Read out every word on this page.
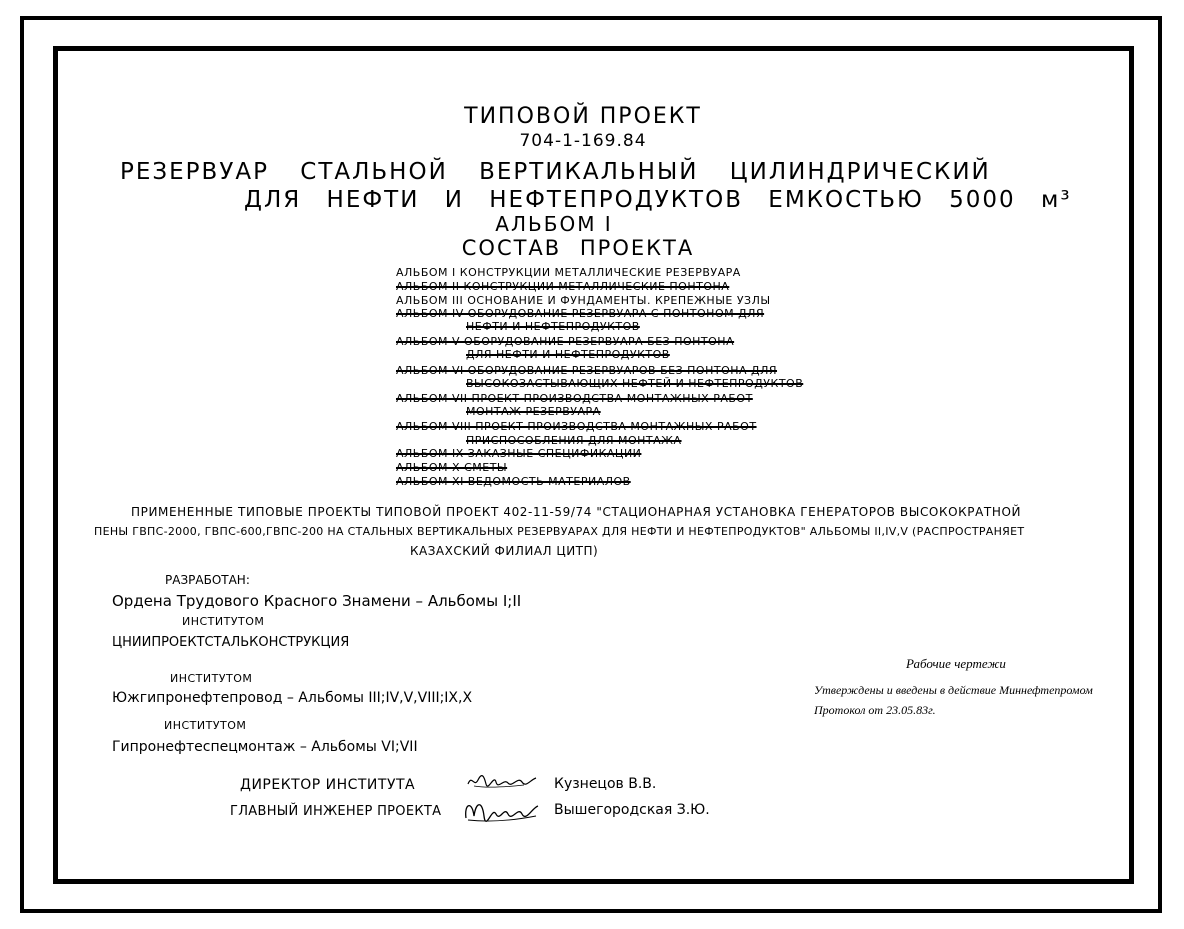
ТИПОВОЙ ПРОЕКТ
704-1-169.84
РЕЗЕРВУАР СТАЛЬНОЙ ВЕРТИКАЛЬНЫЙ ЦИЛИНДРИЧЕСКИЙ
ДЛЯ НЕФТИ И НЕФТЕПРОДУКТОВ ЕМКОСТЬЮ 5000 м³
АЛЬБОМ I
СОСТАВ ПРОЕКТА
АЛЬБОМ I КОНСТРУКЦИИ МЕТАЛЛИЧЕСКИЕ РЕЗЕРВУАРА
АЛЬБОМ II КОНСТРУКЦИИ МЕТАЛЛИЧЕСКИЕ ПОНТОНА
АЛЬБОМ III ОСНОВАНИЕ И ФУНДАМЕНТЫ. КРЕПЕЖНЫЕ УЗЛЫ
АЛЬБОМ IV ОБОРУДОВАНИЕ РЕЗЕРВУАРА С ПОНТОНОМ ДЛЯ
НЕФТИ И НЕФТЕПРОДУКТОВ
АЛЬБОМ V ОБОРУДОВАНИЕ РЕЗЕРВУАРА БЕЗ ПОНТОНА
ДЛЯ НЕФТИ И НЕФТЕПРОДУКТОВ
АЛЬБОМ VI ОБОРУДОВАНИЕ РЕЗЕРВУАРОВ БЕЗ ПОНТОНА ДЛЯ
ВЫСОКОЗАСТЫВАЮЩИХ НЕФТЕЙ И НЕФТЕПРОДУКТОВ
АЛЬБОМ VII ПРОЕКТ ПРОИЗВОДСТВА МОНТАЖНЫХ РАБОТ
МОНТАЖ РЕЗЕРВУАРА
АЛЬБОМ VIII ПРОЕКТ ПРОИЗВОДСТВА МОНТАЖНЫХ РАБОТ
ПРИСПОСОБЛЕНИЯ ДЛЯ МОНТАЖА
АЛЬБОМ IX ЗАКАЗНЫЕ СПЕЦИФИКАЦИИ
АЛЬБОМ X СМЕТЫ
АЛЬБОМ XI ВЕДОМОСТЬ МАТЕРИАЛОВ
ПРИМЕНЕННЫЕ ТИПОВЫЕ ПРОЕКТЫ ТИПОВОЙ ПРОЕКТ 402-11-59/74 "СТАЦИОНАРНАЯ УСТАНОВКА ГЕНЕРАТОРОВ ВЫСОКОКРАТНОЙ
ПЕНЫ ГВПС-2000, ГВПС-600,ГВПС-200 НА СТАЛЬНЫХ ВЕРТИКАЛЬНЫХ РЕЗЕРВУАРАХ ДЛЯ НЕФТИ И НЕФТЕПРОДУКТОВ" АЛЬБОМЫ II,IV,V (РАСПРОСТРАНЯЕТ
КАЗАХСКИЙ ФИЛИАЛ ЦИТП)
РАЗРАБОТАН:
Ордена Трудового Красного Знамени – Альбомы I;II
ИНСТИТУТОМ
ЦНИИПРОЕКТСТАЛЬКОНСТРУКЦИЯ
ИНСТИТУТОМ
Южгипронефтепровод – Альбомы III;IV,V,VIII;IX,X
ИНСТИТУТОМ
Гипронефтеспецмонтаж – Альбомы VI;VII
Рабочие чертежи
Утверждены и введены в действие Миннефтепромом
Протокол от 23.05.83г.
ДИРЕКТОР ИНСТИТУТА	Кузнецов В.В.
ГЛАВНЫЙ ИНЖЕНЕР ПРОЕКТА	Вышегородская З.Ю.
